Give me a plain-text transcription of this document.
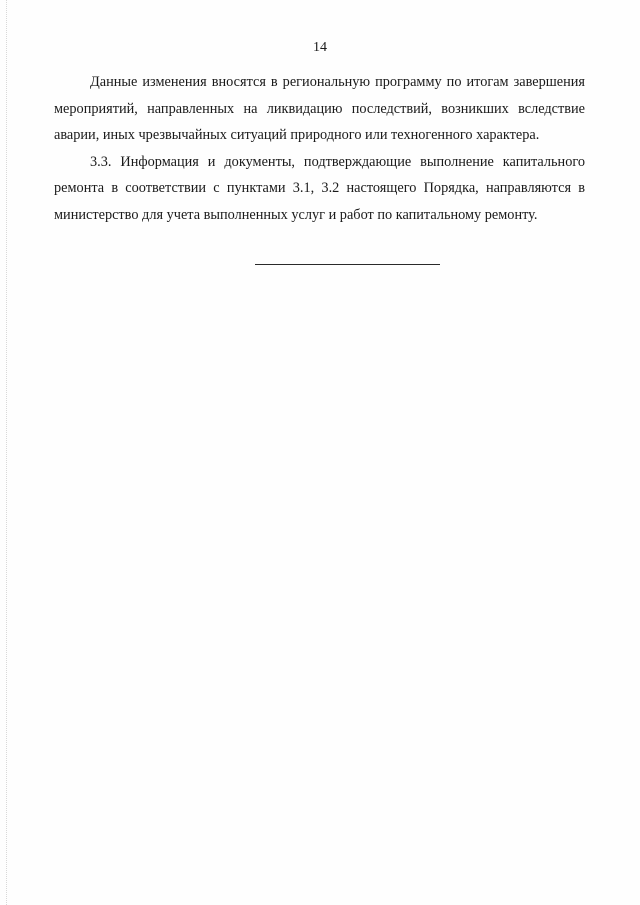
14

Данные изменения вносятся в региональную программу по итогам завершения мероприятий, направленных на ликвидацию последствий, возникших вследствие аварии, иных чрезвычайных ситуаций природного или техногенного характера.

3.3. Информация и документы, подтверждающие выполнение капитального ремонта в соответствии с пунктами 3.1, 3.2 настоящего Порядка, направляются в министерство для учета выполненных услуг и работ по капитальному ремонту.
